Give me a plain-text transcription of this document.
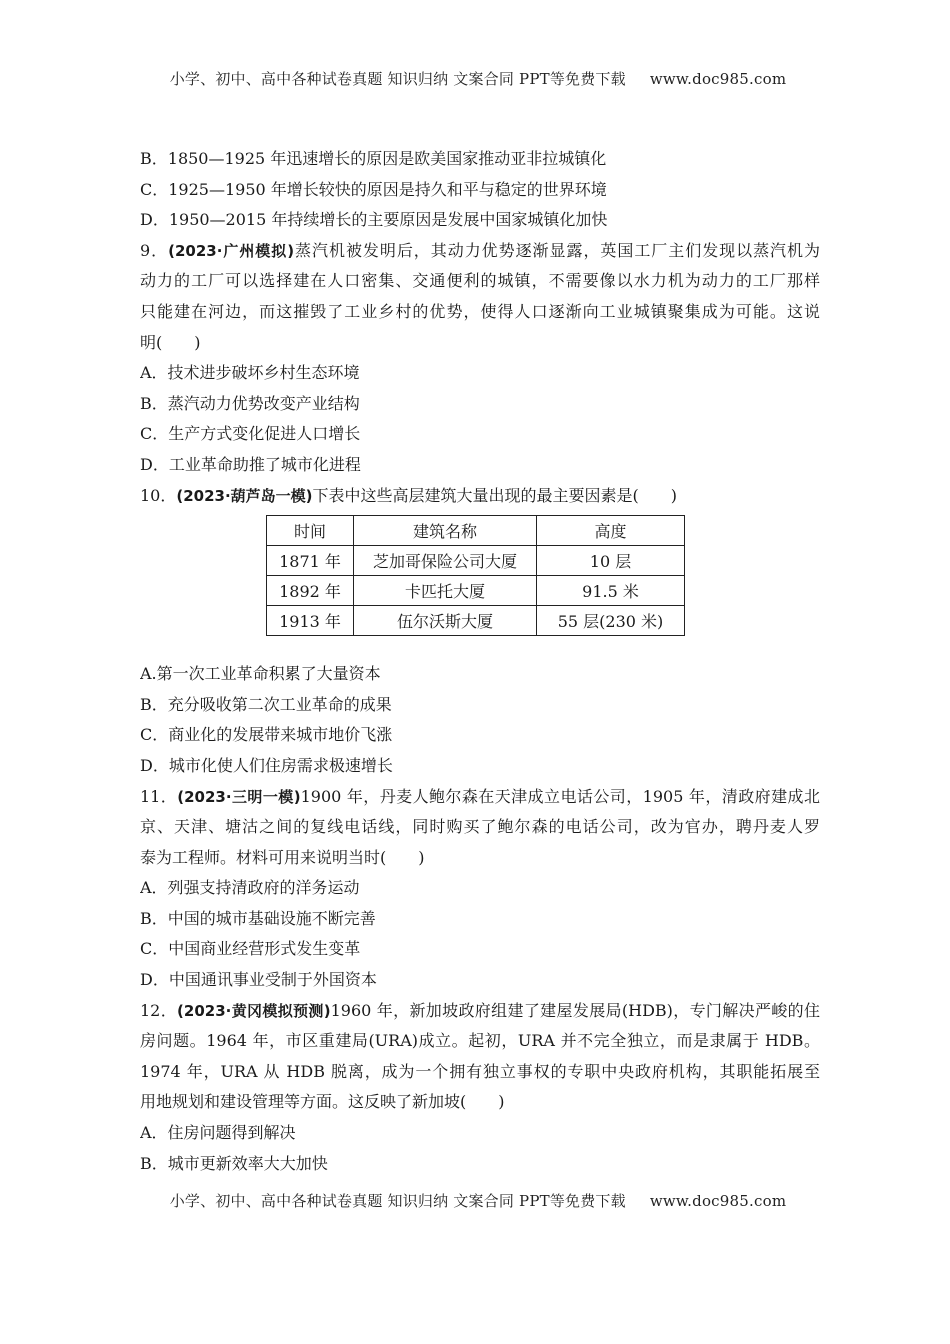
小学、初中、高中各种试卷真题 知识归纳 文案合同 PPT等免费下载 www.doc985.com
B．1850—1925 年迅速增长的原因是欧美国家推动亚非拉城镇化
C．1925—1950 年增长较快的原因是持久和平与稳定的世界环境
D．1950—2015 年持续增长的主要原因是发展中国家城镇化加快
9．(2023·广州模拟)蒸汽机被发明后，其动力优势逐渐显露，英国工厂主们发现以蒸汽机为
动力的工厂可以选择建在人口密集、交通便利的城镇，不需要像以水力机为动力的工厂那样
只能建在河边，而这摧毁了工业乡村的优势，使得人口逐渐向工业城镇聚集成为可能。这说
明(　　)
A．技术进步破坏乡村生态环境
B．蒸汽动力优势改变产业结构
C．生产方式变化促进人口增长
D．工业革命助推了城市化进程
10．(2023·葫芦岛一模)下表中这些高层建筑大量出现的最主要因素是(　　)
时间	建筑名称	高度
1871 年	芝加哥保险公司大厦	10 层
1892 年	卡匹托大厦	91.5 米
1913 年	伍尔沃斯大厦	55 层(230 米)
A.第一次工业革命积累了大量资本
B．充分吸收第二次工业革命的成果
C．商业化的发展带来城市地价飞涨
D．城市化使人们住房需求极速增长
11．(2023·三明一模)1900 年，丹麦人鲍尔森在天津成立电话公司，1905 年，清政府建成北
京、天津、塘沽之间的复线电话线，同时购买了鲍尔森的电话公司，改为官办，聘丹麦人罗
泰为工程师。材料可用来说明当时(　　)
A．列强支持清政府的洋务运动
B．中国的城市基础设施不断完善
C．中国商业经营形式发生变革
D．中国通讯事业受制于外国资本
12．(2023·黄冈模拟预测)1960 年，新加坡政府组建了建屋发展局(HDB)，专门解决严峻的住
房问题。1964 年，市区重建局(URA)成立。起初，URA 并不完全独立，而是隶属于 HDB。
1974 年，URA 从 HDB 脱离，成为一个拥有独立事权的专职中央政府机构，其职能拓展至
用地规划和建设管理等方面。这反映了新加坡(　　)
A．住房问题得到解决
B．城市更新效率大大加快
小学、初中、高中各种试卷真题 知识归纳 文案合同 PPT等免费下载 www.doc985.com
